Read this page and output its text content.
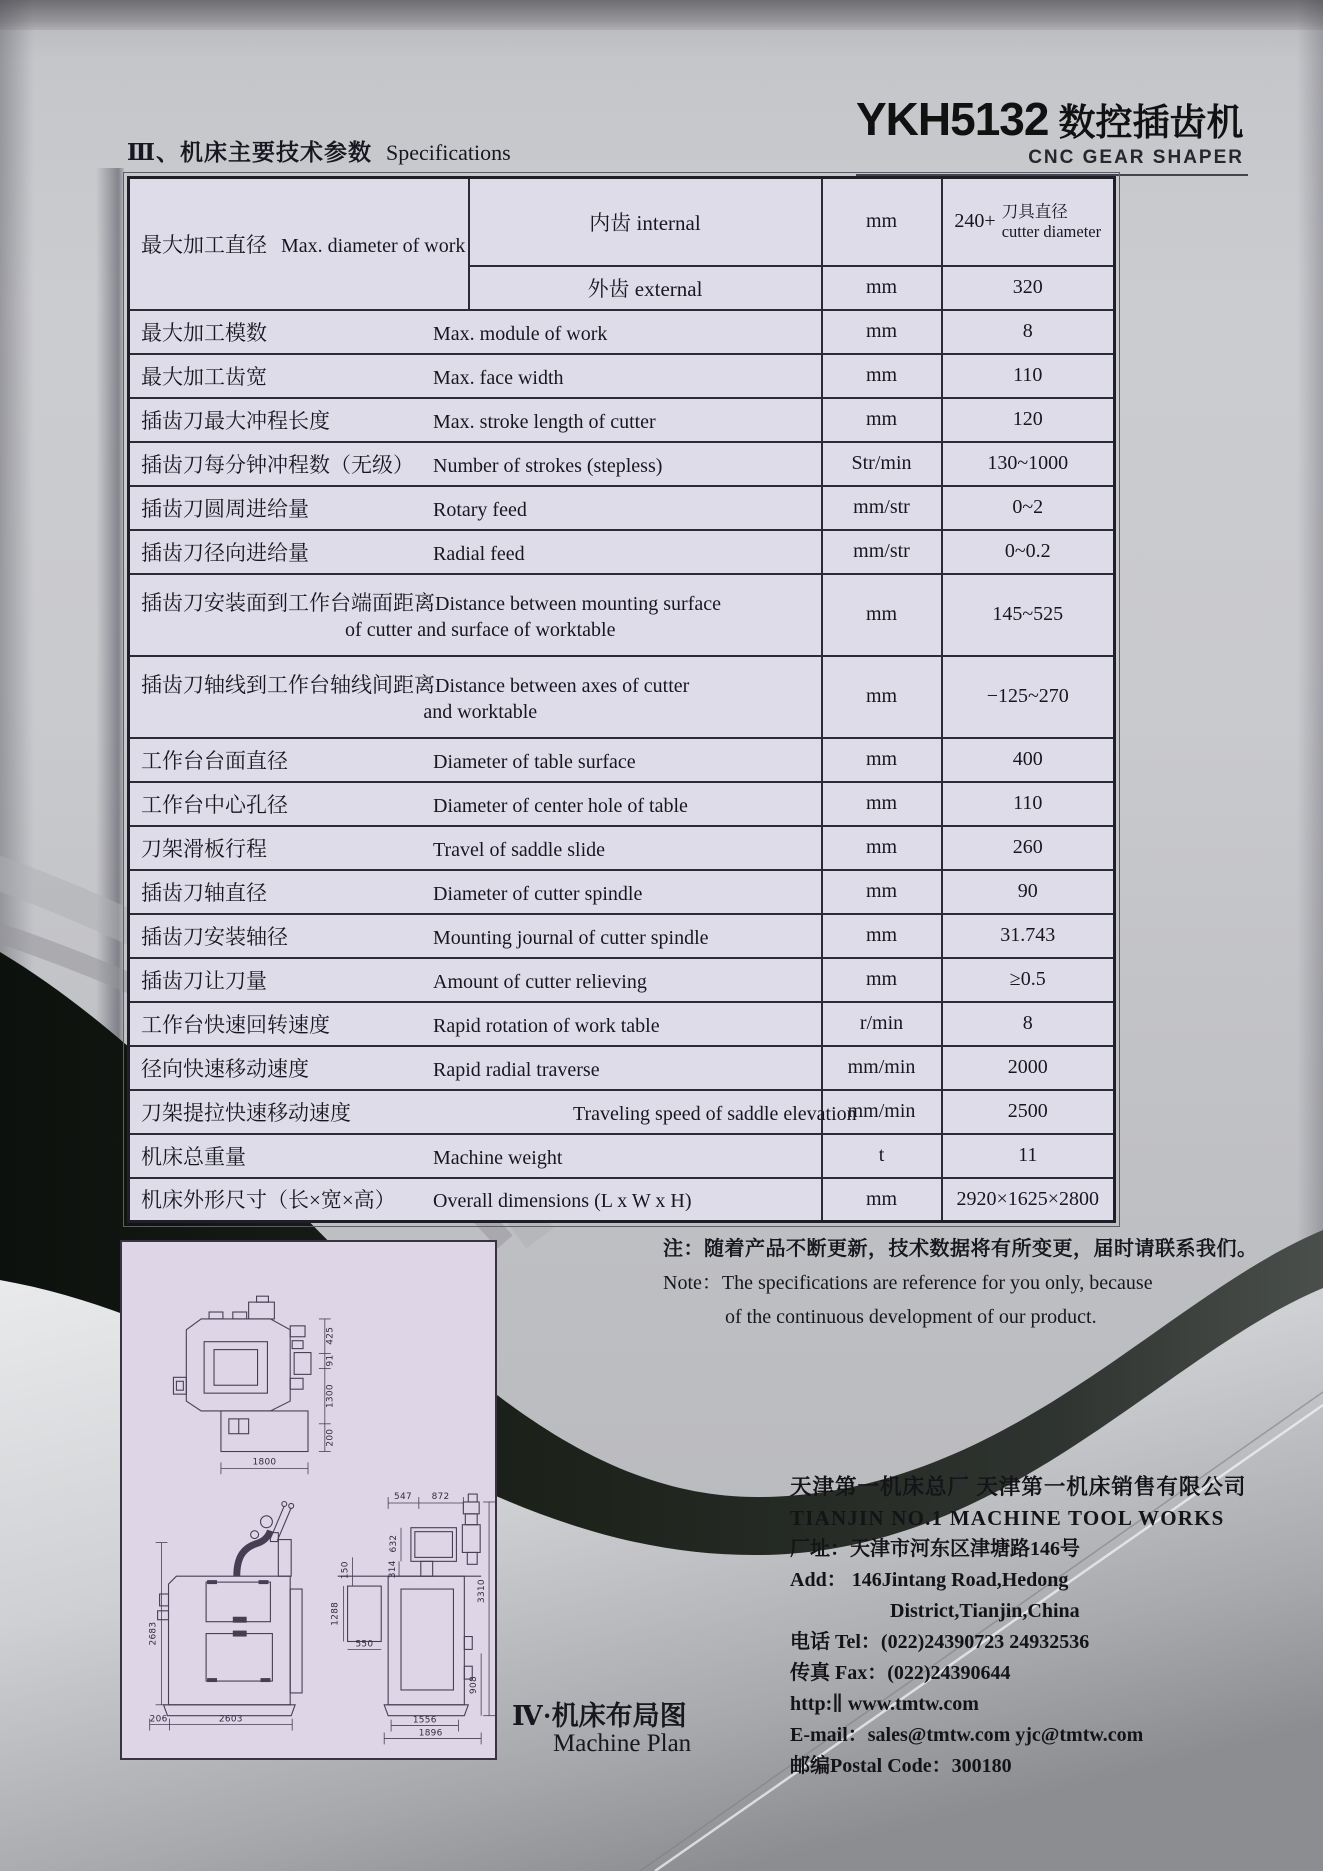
Ⅲ、机床主要技术参数 Specifications
YKH5132 数控插齿机
CNC GEAR SHAPER
最大加工直径 Max. diameter of work	内齿 internal	mm	240+ 刀具直径
cutter diameter

	外齿 external	mm	320

最大加工模数 Max. module of work		mm	8

最大加工齿宽 Max. face width		mm	110

插齿刀最大冲程长度 Max. stroke length of cutter		mm	120

插齿刀每分钟冲程数（无级） Number of strokes (stepless)		Str/min	130~1000

插齿刀圆周进给量 Rotary feed		mm/str	0~2

插齿刀径向进给量 Radial feed		mm/str	0~0.2

插齿刀安装面到工作台端面距离Distance between mounting surface
of cutter and surface of worktable		mm	145~525

插齿刀轴线到工作台轴线间距离Distance between axes of cutter
and worktable		mm	−125~270

工作台台面直径 Diameter of table surface		mm	400

工作台中心孔径 Diameter of center hole of table		mm	110

刀架滑板行程 Travel of saddle slide		mm	260

插齿刀轴直径 Diameter of cutter spindle		mm	90

插齿刀安装轴径 Mounting journal of cutter spindle		mm	31.743

插齿刀让刀量 Amount of cutter relieving		mm	≥0.5

工作台快速回转速度 Rapid rotation of work table		r/min	8

径向快速移动速度 Rapid radial traverse		mm/min	2000

刀架提拉快速移动速度 Traveling speed of saddle elevation		mm/min	2500

机床总重量 Machine weight		t	11

机床外形尺寸（长×宽×高） Overall dimensions (L x W x H)		mm	2920×1625×2800
注：随着产品不断更新，技术数据将有所变更，届时请联系我们。
Note：The specifications are reference for you only, because
of the continuous development of our product.
425
91
1300
200
1800
2683
206	2603
150
1288
550
547 872
632
314
3310
908
1556
1896
Ⅳ·机床布局图
Machine Plan
天津第一机床总厂 天津第一机床销售有限公司
TIANJIN NO.1 MACHINE TOOL WORKS
厂址：天津市河东区津塘路146号
Add： 146Jintang Road,Hedong
District,Tianjin,China
电话 Tel：(022)24390723 24932536
传真 Fax：(022)24390644
http:∥ www.tmtw.com
E-mail：sales@tmtw.com yjc@tmtw.com
邮编Postal Code：300180
